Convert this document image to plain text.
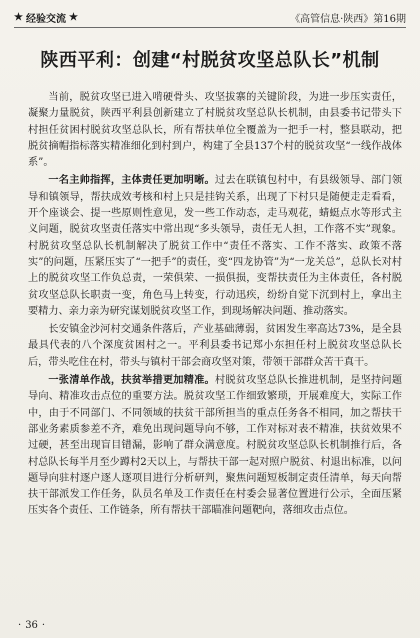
★ 经验交流 ★	《高管信息·陕西》第16期
陕西平利：创建“村脱贫攻坚总队长”机制

当前，脱贫攻坚已进入啃硬骨头、攻坚拔寨的关键阶段，为进一步压实责任，凝聚力量脱贫，陕西平利县创新建立了村脱贫攻坚总队长机制，由县委书记带头下村担任贫困村脱贫攻坚总队长，所有帮扶单位全覆盖为一把手一村，整县联动，把脱贫摘帽指标落实精准细化到村到户，构建了全县137个村的脱贫攻坚“一线作战体系”。

一名主帅指挥，主体责任更加明晰。过去在联镇包村中，有县级领导、部门领导和镇领导，帮扶成效考核和村上只是挂钩关系，出现了下村只是随便走走看看，开个座谈会、提一些原则性意见，发一些工作动态，走马观花，蜻蜓点水等形式主义问题，脱贫攻坚责任落实中常出现“多头领导，责任无人担，工作落不实”现象。村脱贫攻坚总队长机制解决了脱贫工作中“责任不落实、工作不落实、政策不落实”的问题，压紧压实了“一把手”的责任，变“四龙协管”为“一龙关总”，总队长对村上的脱贫攻坚工作负总责，一荣俱荣、一损俱损，变帮扶责任为主体责任，各村脱贫攻坚总队长职责一变，角色马上转变，行动迅疾，纷纷自觉下沉到村上，拿出主要精力、亲力亲为研究谋划脱贫攻坚工作，到现场解决问题、推动落实。

长安镇金沙河村交通条件落后，产业基础薄弱，贫困发生率高达73%，是全县最具代表的八个深度贫困村之一。平利县委书记郑小东担任村上脱贫攻坚总队长后，带头吃住在村，带头与镇村干部会商攻坚对策，带领干部群众苦干真干。

一张清单作战，扶贫举措更加精准。村脱贫攻坚总队长推进机制，是坚持问题导向、精准攻击点位的重要方法。脱贫攻坚工作细致繁琐，开展难度大，实际工作中，由于不同部门、不同领域的扶贫干部所担当的重点任务各不相同，加之帮扶干部业务素质参差不齐，难免出现问题导向不够，工作对标对表不精准，扶贫效果不过硬，甚至出现盲目错漏，影响了群众满意度。村脱贫攻坚总队长机制推行后，各村总队长每半月至少蹲村2天以上，与帮扶干部一起对照户脱贫、村退出标准，以问题导向驻村逐户逐人逐项目进行分析研判，聚焦问题短板制定责任清单，每天向帮扶干部派发工作任务，队员名单及工作责任在村委会显著位置进行公示，全面压紧压实各个责任、工作链条，所有帮扶干部瞄准问题靶向，落细攻击点位。

· 36 ·
